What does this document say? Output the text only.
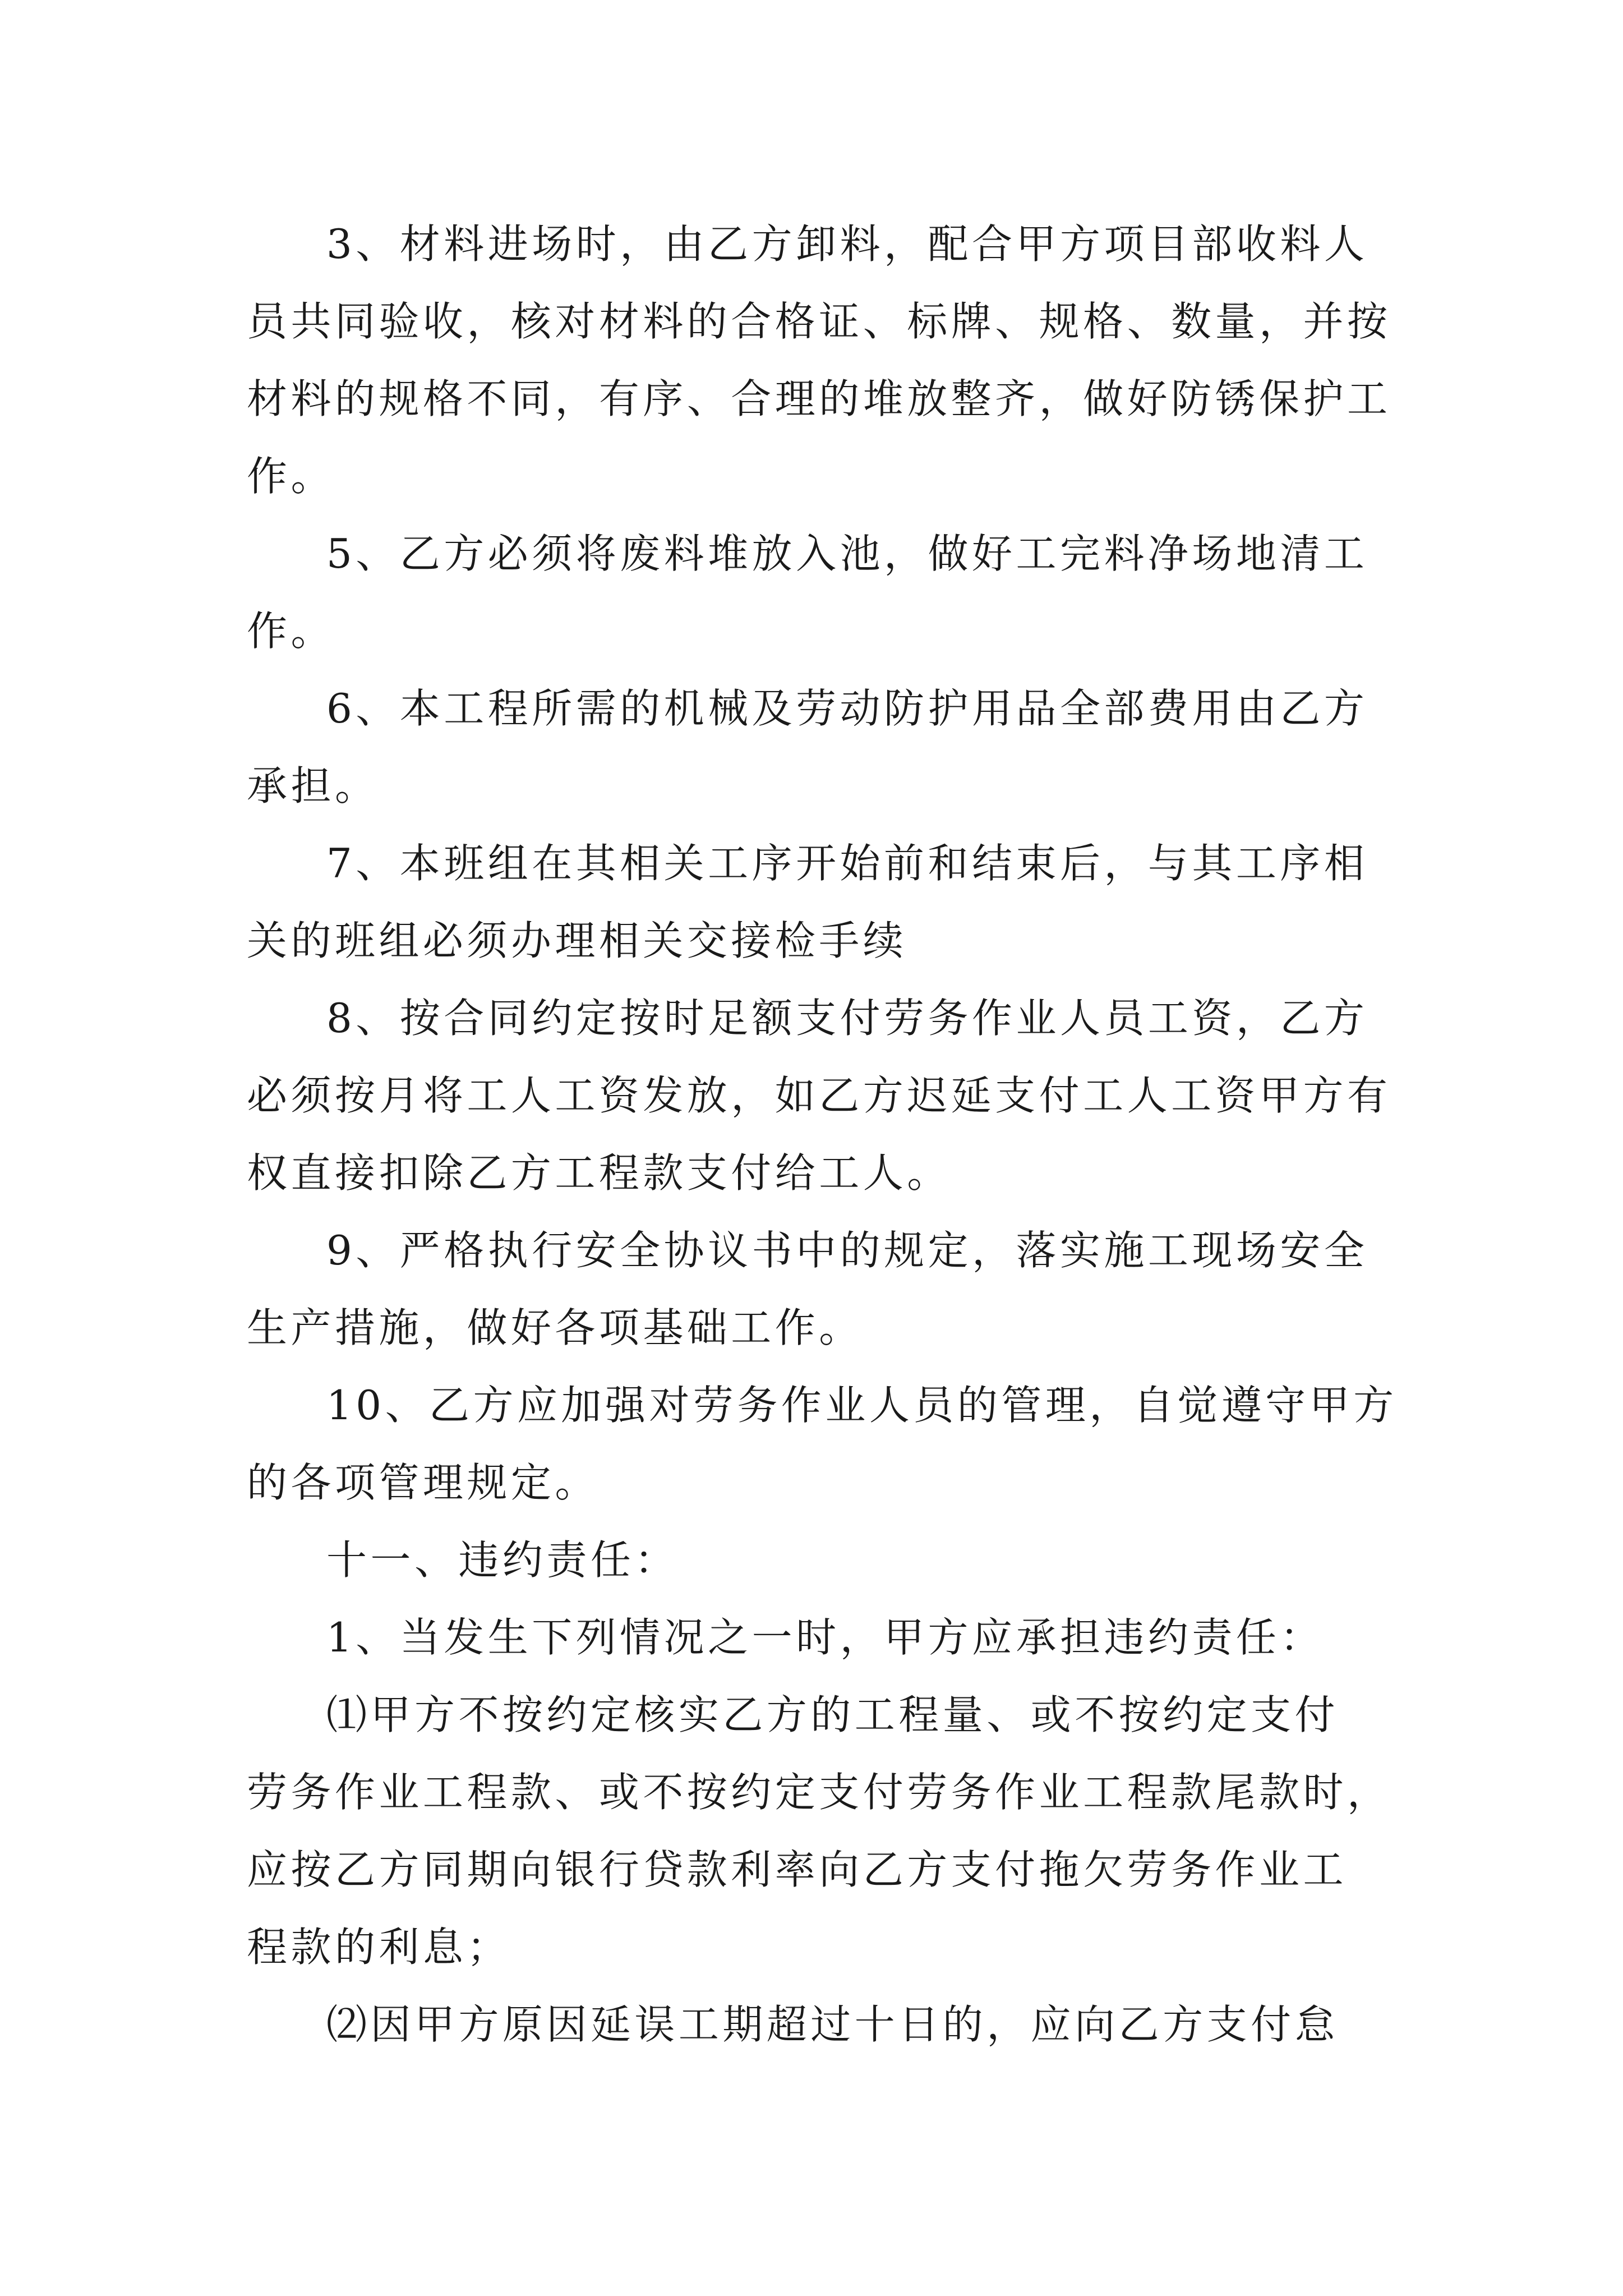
3、材料进场时，由乙方卸料，配合甲方项目部收料人
员共同验收，核对材料的合格证、标牌、规格、数量，并按
材料的规格不同，有序、合理的堆放整齐，做好防锈保护工
作。
5、乙方必须将废料堆放入池，做好工完料净场地清工
作。
6、本工程所需的机械及劳动防护用品全部费用由乙方
承担。
7、本班组在其相关工序开始前和结束后，与其工序相
关的班组必须办理相关交接检手续
8、按合同约定按时足额支付劳务作业人员工资，乙方
必须按月将工人工资发放，如乙方迟延支付工人工资甲方有
权直接扣除乙方工程款支付给工人。
9、严格执行安全协议书中的规定，落实施工现场安全
生产措施，做好各项基础工作。
10、乙方应加强对劳务作业人员的管理，自觉遵守甲方
的各项管理规定。
十一、违约责任：
1、当发生下列情况之一时，甲方应承担违约责任：
⑴甲方不按约定核实乙方的工程量、或不按约定支付
劳务作业工程款、或不按约定支付劳务作业工程款尾款时，
应按乙方同期向银行贷款利率向乙方支付拖欠劳务作业工
程款的利息；
⑵因甲方原因延误工期超过十日的，应向乙方支付怠
